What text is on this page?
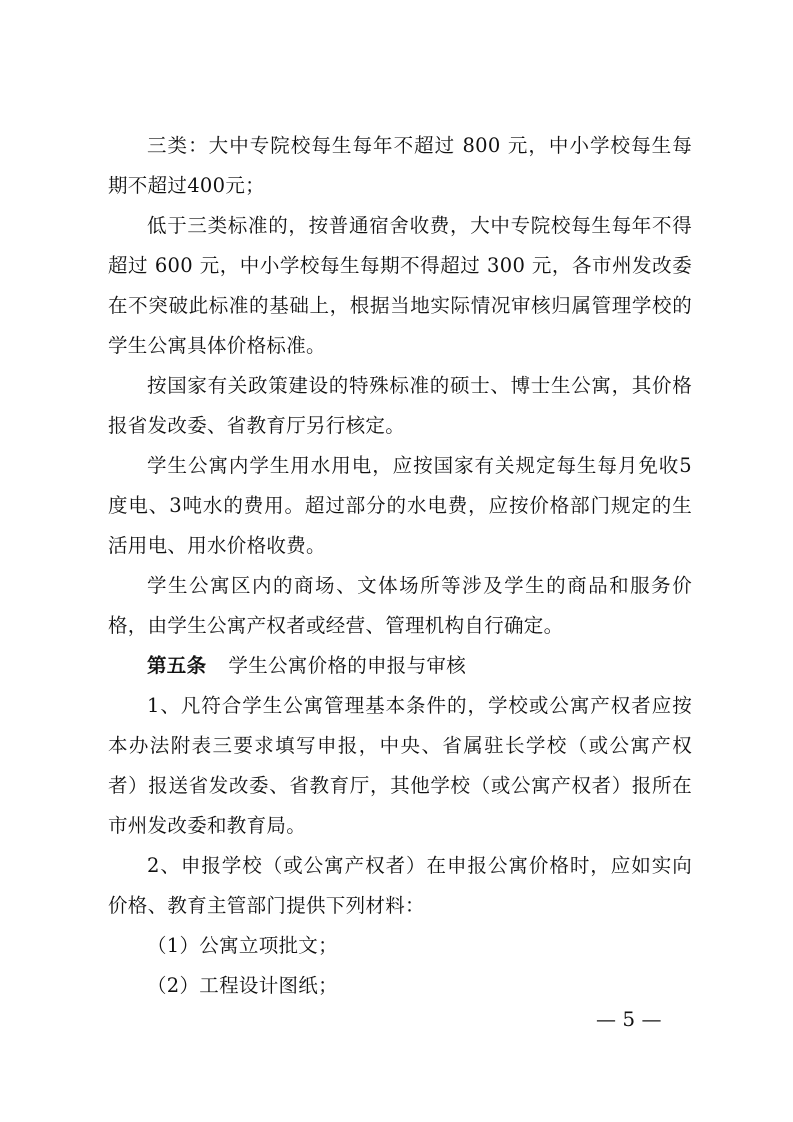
三类：大中专院校每生每年不超过 800 元，中小学校每生每期不超过400元；

低于三类标准的，按普通宿舍收费，大中专院校每生每年不得超过 600 元，中小学校每生每期不得超过 300 元，各市州发改委在不突破此标准的基础上，根据当地实际情况审核归属管理学校的学生公寓具体价格标准。

按国家有关政策建设的特殊标准的硕士、博士生公寓，其价格报省发改委、省教育厅另行核定。

学生公寓内学生用水用电，应按国家有关规定每生每月免收5度电、3吨水的费用。超过部分的水电费，应按价格部门规定的生活用电、用水价格收费。

学生公寓区内的商场、文体场所等涉及学生的商品和服务价格，由学生公寓产权者或经营、管理机构自行确定。

第五条 学生公寓价格的申报与审核

1、凡符合学生公寓管理基本条件的，学校或公寓产权者应按本办法附表三要求填写申报，中央、省属驻长学校（或公寓产权者）报送省发改委、省教育厅，其他学校（或公寓产权者）报所在市州发改委和教育局。

2、申报学校（或公寓产权者）在申报公寓价格时，应如实向价格、教育主管部门提供下列材料：

（1）公寓立项批文；

（2）工程设计图纸；

— 5 —
